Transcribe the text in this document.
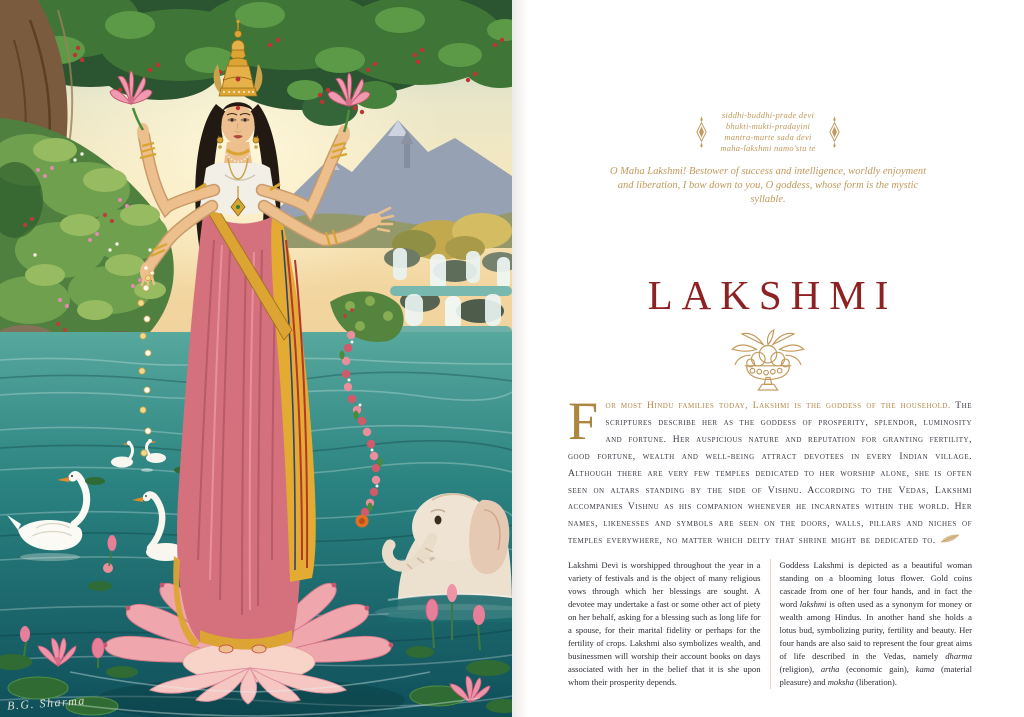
B.G. Sharma
siddhi-buddhi-prade devi
bhukti-mukti-pradayini
mantra-murte sada devi
maha-lakshmi namo'stu te
O Maha Lakshmi! Bestower of success and intelligence, worldly enjoyment and liberation, I bow down to you, O goddess, whose form is the mystic syllable.
LAKSHMI

For most Hindu families today, Lakshmi is the goddess of the household. The scriptures describe her as the goddess of prosperity, splendor, luminosity and fortune. Her auspicious nature and reputation for granting fertility, good fortune, wealth and well-being attract devotees in every Indian village. Although there are very few temples dedicated to her worship alone, she is often seen on altars standing by the side of Vishnu. According to the Vedas, Lakshmi accompanies Vishnu as his companion whenever he incarnates within the world. Her names, likenesses and symbols are seen on the doors, walls, pillars and niches of temples everywhere, no matter which deity that shrine might be dedicated to.

Lakshmi Devi is worshipped throughout the year in a variety of festivals and is the object of many religious vows through which her blessings are sought. A devotee may undertake a fast or some other act of piety on her behalf, asking for a blessing such as long life for a spouse, for their marital fidelity or perhaps for the fertility of crops. Lakshmi also symbolizes wealth, and businessmen will worship their account books on days associated with her in the belief that it is she upon whom their prosperity depends.
Goddess Lakshmi is depicted as a beautiful woman standing on a blooming lotus flower. Gold coins cascade from one of her four hands, and in fact the word lakshmi is often used as a synonym for money or wealth among Hindus. In another hand she holds a lotus bud, symbolizing purity, fertility and beauty. Her four hands are also said to represent the four great aims of life described in the Vedas, namely dharma (religion), artha (economic gain), kama (material pleasure) and moksha (liberation).
